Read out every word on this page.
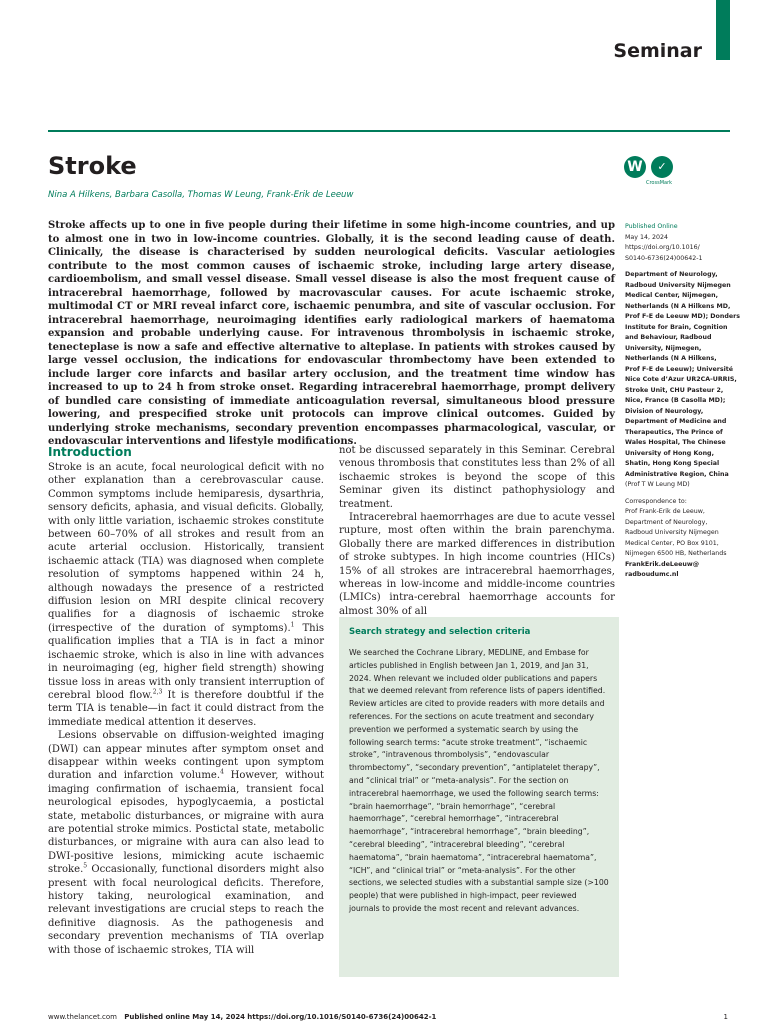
Seminar
Stroke
Nina A Hilkens, Barbara Casolla, Thomas W Leung, Frank-Erik de Leeuw
W	✓
CrossMark

Stroke affects up to one in five people during their lifetime in some high-income countries, and up to almost one in two in low-income countries. Globally, it is the second leading cause of death. Clinically, the disease is characterised by sudden neurological deficits. Vascular aetiologies contribute to the most common causes of ischaemic stroke, including large artery disease, cardioembolism, and small vessel disease. Small vessel disease is also the most frequent cause of intracerebral haemorrhage, followed by macrovascular causes. For acute ischaemic stroke, multimodal CT or MRI reveal infarct core, ischaemic penumbra, and site of vascular occlusion. For intracerebral haemorrhage, neuroimaging identifies early radiological markers of haematoma expansion and probable underlying cause. For intravenous thrombolysis in ischaemic stroke, tenecteplase is now a safe and effective alternative to alteplase. In patients with strokes caused by large vessel occlusion, the indications for endovascular thrombectomy have been extended to include larger core infarcts and basilar artery occlusion, and the treatment time window has increased to up to 24 h from stroke onset. Regarding intracerebral haemorrhage, prompt delivery of bundled care consisting of immediate anticoagulation reversal, simultaneous blood pressure lowering, and prespecified stroke unit protocols can improve clinical outcomes. Guided by underlying stroke mechanisms, secondary prevention encompasses pharmacological, vascular, or endovascular interventions and lifestyle modifications.

Introduction

Stroke is an acute, focal neurological deficit with no other explanation than a cerebrovascular cause. Common symptoms include hemiparesis, dysarthria, sensory deficits, aphasia, and visual deficits. Globally, with only little variation, ischaemic strokes constitute between 60–70% of all strokes and result from an acute arterial occlusion. Historically, transient ischaemic attack (TIA) was diagnosed when complete resolution of symptoms happened within 24 h, although nowadays the presence of a restricted diffusion lesion on MRI despite clinical recovery qualifies for a diagnosis of ischaemic stroke (irrespective of the duration of symptoms).$^1$ This qualification implies that a TIA is in fact a minor ischaemic stroke, which is also in line with advances in neuroimaging (eg, higher field strength) showing tissue loss in areas with only transient interruption of cerebral blood flow.$^{2,3}$ It is therefore doubtful if the term TIA is tenable—in fact it could distract from the immediate medical attention it deserves.

Lesions observable on diffusion-weighted imaging (DWI) can appear minutes after symptom onset and disappear within weeks contingent upon symptom duration and infarction volume.$^4$ However, without imaging confirmation of ischaemia, transient focal neurological episodes, hypoglycaemia, a postictal state, metabolic disturbances, or migraine with aura are potential stroke mimics. Postictal state, metabolic disturbances, or migraine with aura can also lead to DWI-positive lesions, mimicking acute ischaemic stroke.$^5$ Occasionally, functional disorders might also present with focal neurological deficits. Therefore, history taking, neurological examination, and relevant investigations are crucial steps to reach the definitive diagnosis. As the pathogenesis and secondary prevention mechanisms of TIA overlap with those of ischaemic strokes, TIA will

not be discussed separately in this Seminar. Cerebral venous thrombosis that constitutes less than 2% of all ischaemic strokes is beyond the scope of this Seminar given its distinct pathophysiology and treatment.

Intracerebral haemorrhages are due to acute vessel rupture, most often within the brain parenchyma. Globally there are marked differences in distribution of stroke subtypes. In high income countries (HICs) 15% of all strokes are intracerebral haemorrhages, whereas in low-income and middle-income countries (LMICs) intra-cerebral haemorrhage accounts for almost 30% of all

Search strategy and selection criteria

We searched the Cochrane Library, MEDLINE, and Embase for articles published in English between Jan 1, 2019, and Jan 31, 2024. When relevant we included older publications and papers that we deemed relevant from reference lists of papers identified. Review articles are cited to provide readers with more details and references. For the sections on acute treatment and secondary prevention we performed a systematic search by using the following search terms: “acute stroke treatment”, “ischaemic stroke”, “intravenous thrombolysis”, “endovascular thrombectomy”, “secondary prevention”, “antiplatelet therapy”, and “clinical trial” or “meta-analysis”. For the section on intracerebral haemorrhage, we used the following search terms: “brain haemorrhage”, “brain hemorrhage”, “cerebral haemorrhage”, “cerebral hemorrhage”, “intracerebral haemorrhage”, “intracerebral hemorrhage”, “brain bleeding”, “cerebral bleeding”, “intracerebral bleeding”, “cerebral haematoma”, “brain haematoma”, “intracerebral haematoma”, “ICH”, and “clinical trial” or “meta-analysis”. For the other sections, we selected studies with a substantial sample size (>100 people) that were published in high-impact, peer reviewed journals to provide the most recent and relevant advances.

Published Online
May 14, 2024
https://doi.org/10.1016/
S0140-6736(24)00642-1
Department of Neurology,
Radboud University Nijmegen
Medical Center, Nijmegen,
Netherlands (N A Hilkens MD,
Prof F-E de Leeuw MD); Donders
Institute for Brain, Cognition
and Behaviour, Radboud
University, Nijmegen,
Netherlands (N A Hilkens,
Prof F-E de Leeuw); Université
Nice Cote d’Azur UR2CA-URRIS,
Stroke Unit, CHU Pasteur 2,
Nice, France (B Casolla MD);
Division of Neurology,
Department of Medicine and
Therapeutics, The Prince of
Wales Hospital, The Chinese
University of Hong Kong,
Shatin, Hong Kong Special
Administrative Region, China
(Prof T W Leung MD)
Correspondence to:
Prof Frank-Erik de Leeuw,
Department of Neurology,
Radboud University Nijmegen
Medical Center, PO Box 9101,
Nijmegen 6500 HB, Netherlands
FrankErik.deLeeuw@
radboudumc.nl
www.thelancet.com Published online May 14, 2024 https://doi.org/10.1016/S0140-6736(24)00642-1	1
